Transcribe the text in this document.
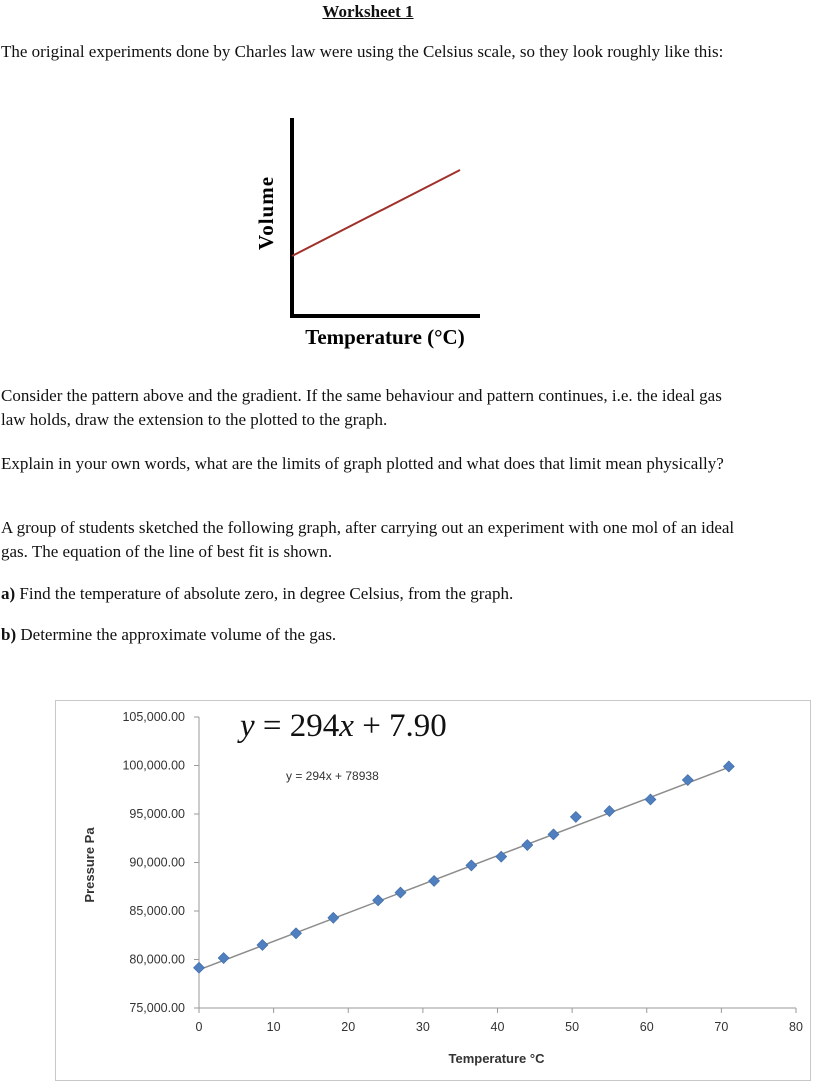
Worksheet 1

The original experiments done by Charles law were using the Celsius scale, so they look roughly like this:

Volume
Temperature (°C)

Consider the pattern above and the gradient. If the same behaviour and pattern continues, i.e. the ideal gas law holds, draw the extension to the plotted to the graph.

Explain in your own words, what are the limits of graph plotted and what does that limit mean physically?

A group of students sketched the following graph, after carrying out an experiment with one mol of an ideal gas. The equation of the line of best fit is shown.

a) Find the temperature of absolute zero, in degree Celsius, from the graph.

b) Determine the approximate volume of the gas.

75,000.00
80,000.00
85,000.00
90,000.00
95,000.00
100,000.00
105,000.00
0	10	20	30	40	50	60	70	80
y = 294x + 78938
Temperature °C
Pressure Pa
y = 294x + 7.90
